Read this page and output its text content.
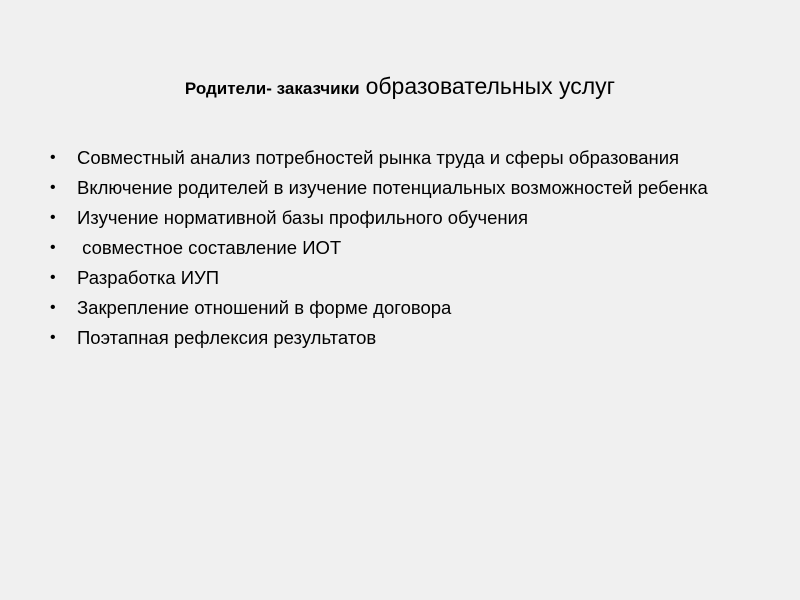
Родители- заказчики образовательных услуг
• Совместный анализ потребностей рынка труда и сферы образования
• Включение родителей в изучение потенциальных возможностей ребенка
• Изучение нормативной базы профильного обучения
• совместное составление ИОТ
• Разработка ИУП
• Закрепление отношений в форме договора
• Поэтапная рефлексия результатов
